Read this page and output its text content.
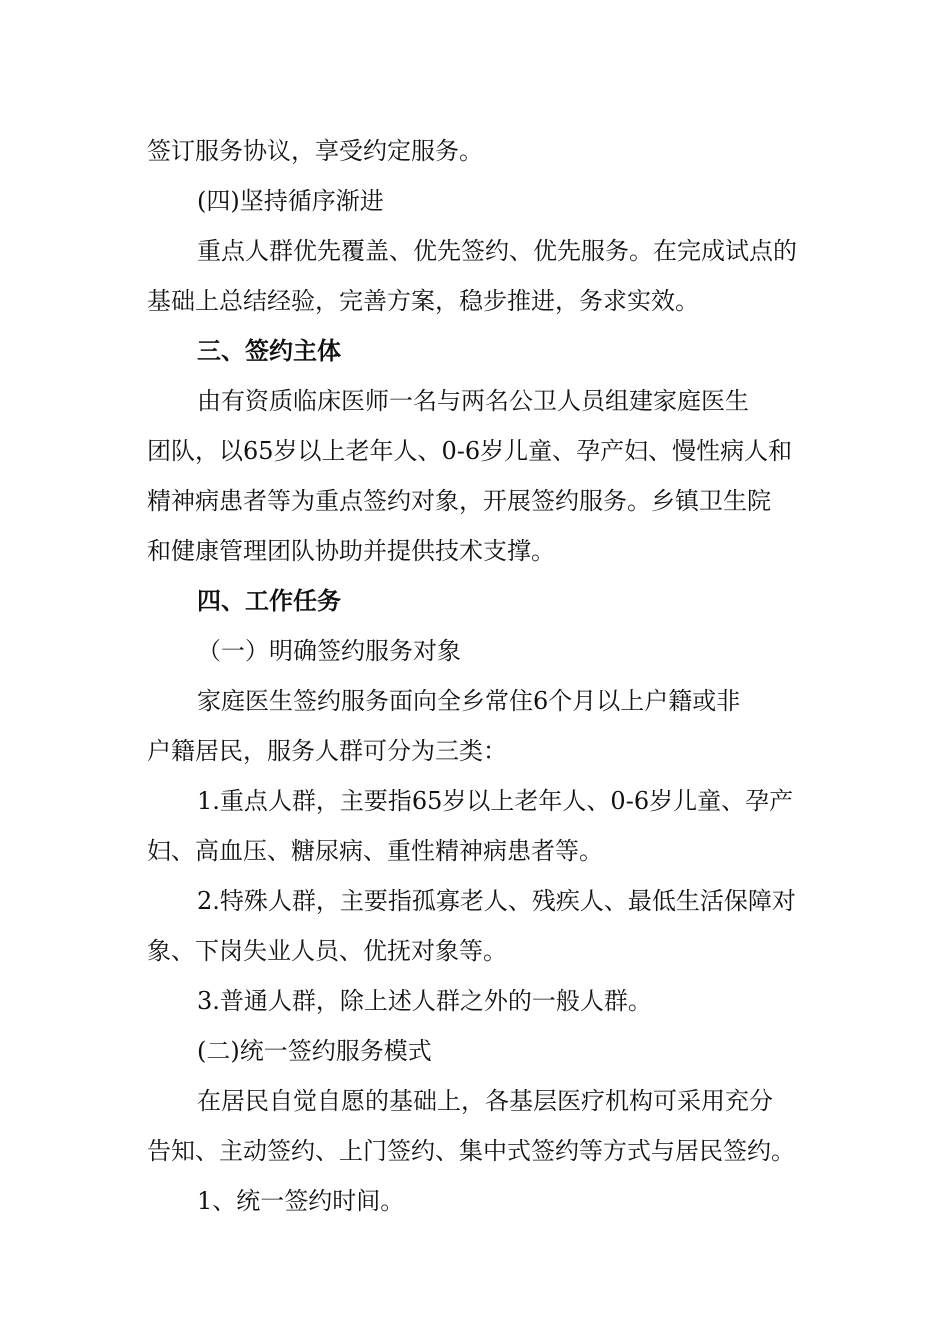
签订服务协议，享受约定服务。
(四)坚持循序渐进
重点人群优先覆盖、优先签约、优先服务。在完成试点的
基础上总结经验，完善方案，稳步推进，务求实效。
三、签约主体
由有资质临床医师一名与两名公卫人员组建家庭医生
团队，以65岁以上老年人、0-6岁儿童、孕产妇、慢性病人和
精神病患者等为重点签约对象，开展签约服务。乡镇卫生院
和健康管理团队协助并提供技术支撑。
四、工作任务
（一）明确签约服务对象
家庭医生签约服务面向全乡常住6个月以上户籍或非
户籍居民，服务人群可分为三类：
1.重点人群，主要指65岁以上老年人、0-6岁儿童、孕产
妇、高血压、糖尿病、重性精神病患者等。
2.特殊人群，主要指孤寡老人、残疾人、最低生活保障对
象、下岗失业人员、优抚对象等。
3.普通人群，除上述人群之外的一般人群。
(二)统一签约服务模式
在居民自觉自愿的基础上，各基层医疗机构可采用充分
告知、主动签约、上门签约、集中式签约等方式与居民签约。
1、统一签约时间。
